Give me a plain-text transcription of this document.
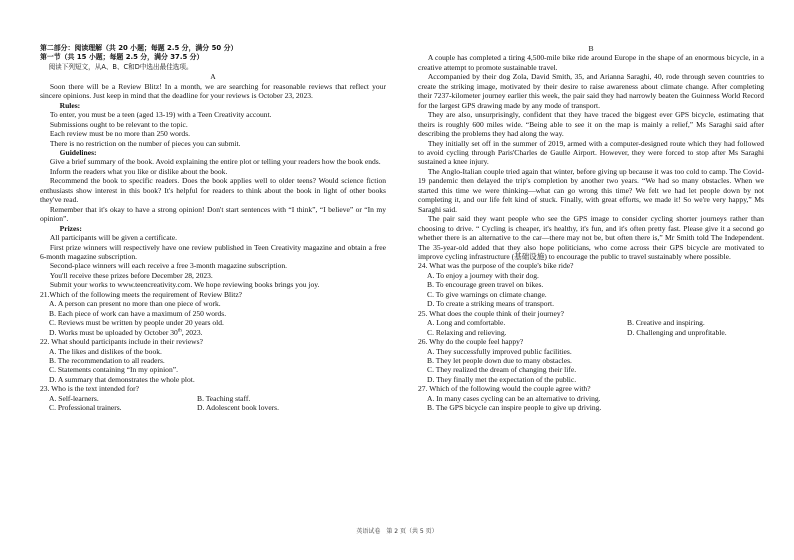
第二部分：阅读理解（共 20 小题；每题 2.5 分，满分 50 分）

第一节（共 15 小题；每题 2.5 分，满分 37.5 分）

阅读下列短文，从A、B、C和D中选出最佳选项。

A

Soon there will be a Review Blitz! In a month, we are searching for reasonable reviews that reflect your sincere opinions. Just keep in mind that the deadline for your reviews is October 23, 2023.

Rules:

To enter, you must be a teen (aged 13-19) with a Teen Creativity account.

Submissions ought to be relevant to the topic.

Each review must be no more than 250 words.

There is no restriction on the number of pieces you can submit.

Guidelines:

Give a brief summary of the book. Avoid explaining the entire plot or telling your readers how the book ends.

Inform the readers what you like or dislike about the book.

Recommend the book to specific readers. Does the book applies well to older teens? Would science fiction enthusiasts show interest in this book? It's helpful for readers to think about the book in light of other books they've read.

Remember that it's okay to have a strong opinion! Don't start sentences with “I think”, “I believe” or “In my opinion”.

Prizes:

All participants will be given a certificate.

First prize winners will respectively have one review published in Teen Creativity magazine and obtain a free 6-month magazine subscription.

Second-place winners will each receive a free 3-month magazine subscription.

You'll receive these prizes before December 28, 2023.

Submit your works to www.teencreativity.com. We hope reviewing books brings you joy.

21.Which of the following meets the requirement of Review Blitz?

A. A person can present no more than one piece of work.

B. Each piece of work can have a maximum of 250 words.

C. Reviews must be written by people under 20 years old.

D. Works must be uploaded by October 30th, 2023.

22. What should participants include in their reviews?

A. The likes and dislikes of the book.

B. The recommendation to all readers.

C. Statements containing “In my opinion”.

D. A summary that demonstrates the whole plot.

23. Who is the text intended for?

A. Self-learners.	B. Teaching staff.
C. Professional trainers.	D. Adolescent book lovers.

B

A couple has completed a tiring 4,500-mile bike ride around Europe in the shape of an enormous bicycle, in a creative attempt to promote sustainable travel.

Accompanied by their dog Zola, David Smith, 35, and Arianna Saraghi, 40, rode through seven countries to create the striking image, motivated by their desire to raise awareness about climate change. After completing their 7237-kilometer journey earlier this week, the pair said they had narrowly beaten the Guinness World Record for the largest GPS drawing made by any mode of transport.

They are also, unsurprisingly, confident that they have traced the biggest ever GPS bicycle, estimating that theirs is roughly 600 miles wide. “Being able to see it on the map is mainly a relief,” Ms Saraghi said after describing the problems they had along the way.

They initially set off in the summer of 2019, armed with a computer-designed route which they had followed to avoid cycling through Paris'Charles de Gaulle Airport. However, they were forced to stop after Ms Saraghi sustained a knee injury.

The Anglo-Italian couple tried again that winter, before giving up because it was too cold to camp. The Covid-19 pandemic then delayed the trip's completion by another two years. “We had so many obstacles. When we started this time we were thinking—what can go wrong this time? We felt we had let people down by not completing it, and our life felt kind of stuck. Finally, with great efforts, we made it! So we're very happy,” Ms Saraghi said.

The pair said they want people who see the GPS image to consider cycling shorter journeys rather than choosing to drive. “ Cycling is cheaper, it's healthy, it's fun, and it's often pretty fast. Please give it a second go whether there is an alternative to the car—there may not be, but often there is,” Mr Smith told The Independent. The 35-year-old added that they also hope politicians, who come across their GPS bicycle are motivated to improve cycling infrastructure (基础设施) to encourage the public to travel sustainably where possible.

24. What was the purpose of the couple's bike ride?

A. To enjoy a journey with their dog.

B. To encourage green travel on bikes.

C. To give warnings on climate change.

D. To create a striking means of transport.

25. What does the couple think of their journey?

A. Long and comfortable.	B. Creative and inspiring.
C. Relaxing and relieving.	D. Challenging and unprofitable.

26. Why do the couple feel happy?

A. They successfully improved public facilities.

B. They let people down due to many obstacles.

C. They realized the dream of changing their life.

D. They finally met the expectation of the public.

27. Which of the following would the couple agree with?

A. In many cases cycling can be an alternative to driving.

B. The GPS bicycle can inspire people to give up driving.

英语试卷　第 2 页（共 5 页）
